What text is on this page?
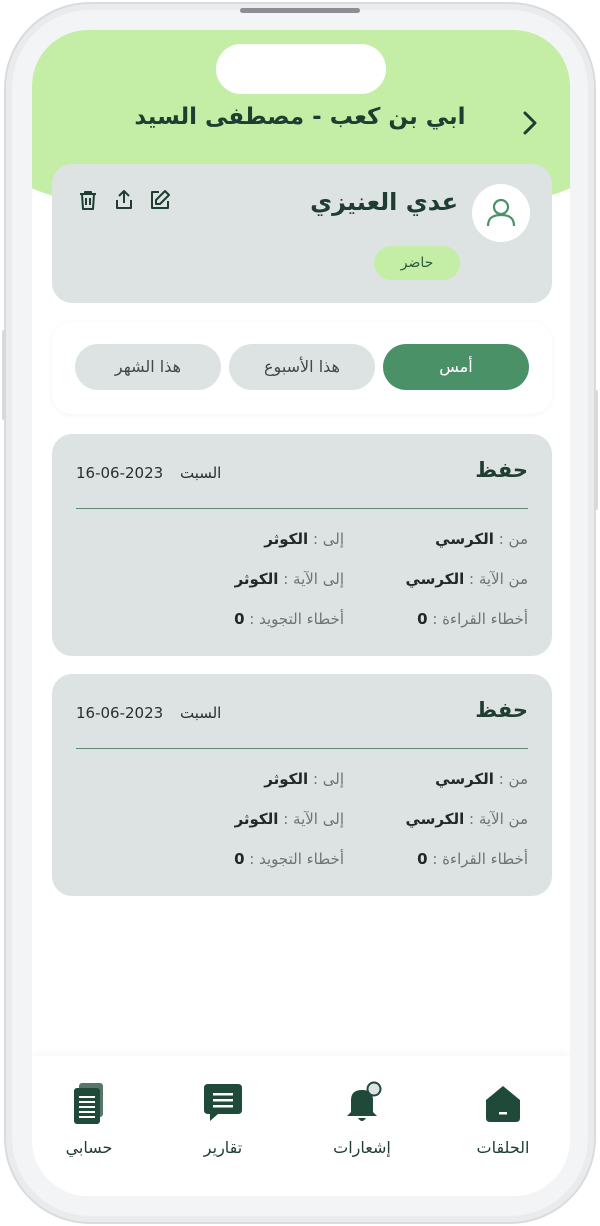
ابي بن كعب - مصطفى السيد
عدي العنيزي
حاضر
أمس
هذا الأسبوع
هذا الشهر
حفظ
16-06-2023 السبت
من : الكرسي
إلى : الكوثر
من الآية : الكرسي
إلى الآية : الكوثر
أخطاء القراءة : 0
أخطاء التجويد : 0
حفظ
16-06-2023 السبت
من : الكرسي
إلى : الكوثر
من الآية : الكرسي
إلى الآية : الكوثر
أخطاء القراءة : 0
أخطاء التجويد : 0
الحلقات
إشعارات
تقارير
حسابي
